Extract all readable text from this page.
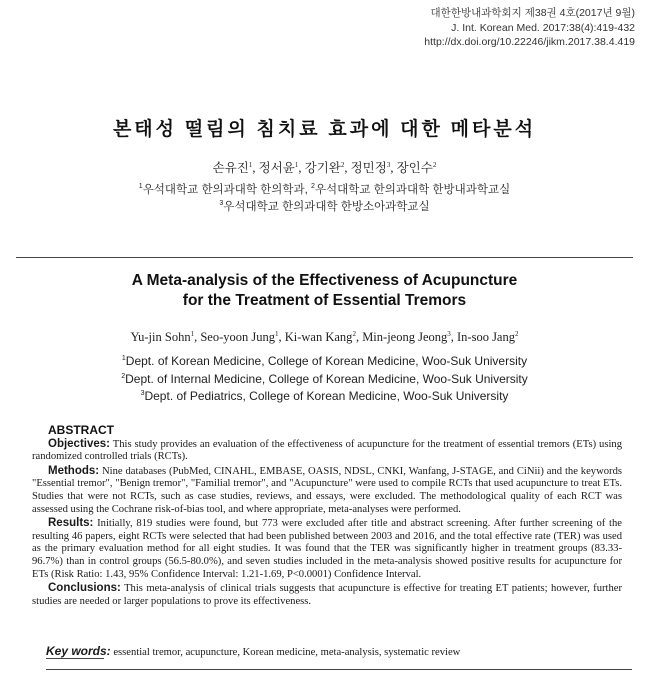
대한한방내과학회지 제38권 4호(2017년 9월)
J. Int. Korean Med. 2017:38(4):419-432
http://dx.doi.org/10.22246/jikm.2017.38.4.419
본태성 떨림의 침치료 효과에 대한 메타분석
손유진$^1$, 정서윤$^1$, 강기완$^2$, 정민정$^3$, 장인수$^2$
$^1$우석대학교 한의과대학 한의학과, $^2$우석대학교 한의과대학 한방내과학교실
$^3$우석대학교 한의과대학 한방소아과학교실
A Meta-analysis of the Effectiveness of Acupuncture
for the Treatment of Essential Tremors
Yu-jin Sohn$^1$, Seo-yoon Jung$^1$, Ki-wan Kang$^2$, Min-jeong Jeong$^3$, In-soo Jang$^2$
$^1$Dept. of Korean Medicine, College of Korean Medicine, Woo-Suk University
$^2$Dept. of Internal Medicine, College of Korean Medicine, Woo-Suk University
$^3$Dept. of Pediatrics, College of Korean Medicine, Woo-Suk University
ABSTRACT
Objectives: This study provides an evaluation of the effectiveness of acupuncture for the treatment of essential tremors (ETs) using randomized controlled trials (RCTs).
Methods: Nine databases (PubMed, CINAHL, EMBASE, OASIS, NDSL, CNKI, Wanfang, J-STAGE, and CiNii) and the keywords "Essential tremor", "Benign tremor", "Familial tremor", and "Acupuncture" were used to compile RCTs that used acupuncture to treat ETs. Studies that were not RCTs, such as case studies, reviews, and essays, were excluded. The methodological quality of each RCT was assessed using the Cochrane risk-of-bias tool, and where appropriate, meta-analyses were performed.
Results: Initially, 819 studies were found, but 773 were excluded after title and abstract screening. After further screening of the resulting 46 papers, eight RCTs were selected that had been published between 2003 and 2016, and the total effective rate (TER) was used as the primary evaluation method for all eight studies. It was found that the TER was significantly higher in treatment groups (83.33-96.7%) than in control groups (56.5-80.0%), and seven studies included in the meta-analysis showed positive results for acupuncture for ETs (Risk Ratio: 1.43, 95% Confidence Interval: 1.21-1.69, P<0.0001) Confidence Interval.
Conclusions: This meta-analysis of clinical trials suggests that acupuncture is effective for treating ET patients; however, further studies are needed or larger populations to prove its effectiveness.
Key words: essential tremor, acupuncture, Korean medicine, meta-analysis, systematic review
